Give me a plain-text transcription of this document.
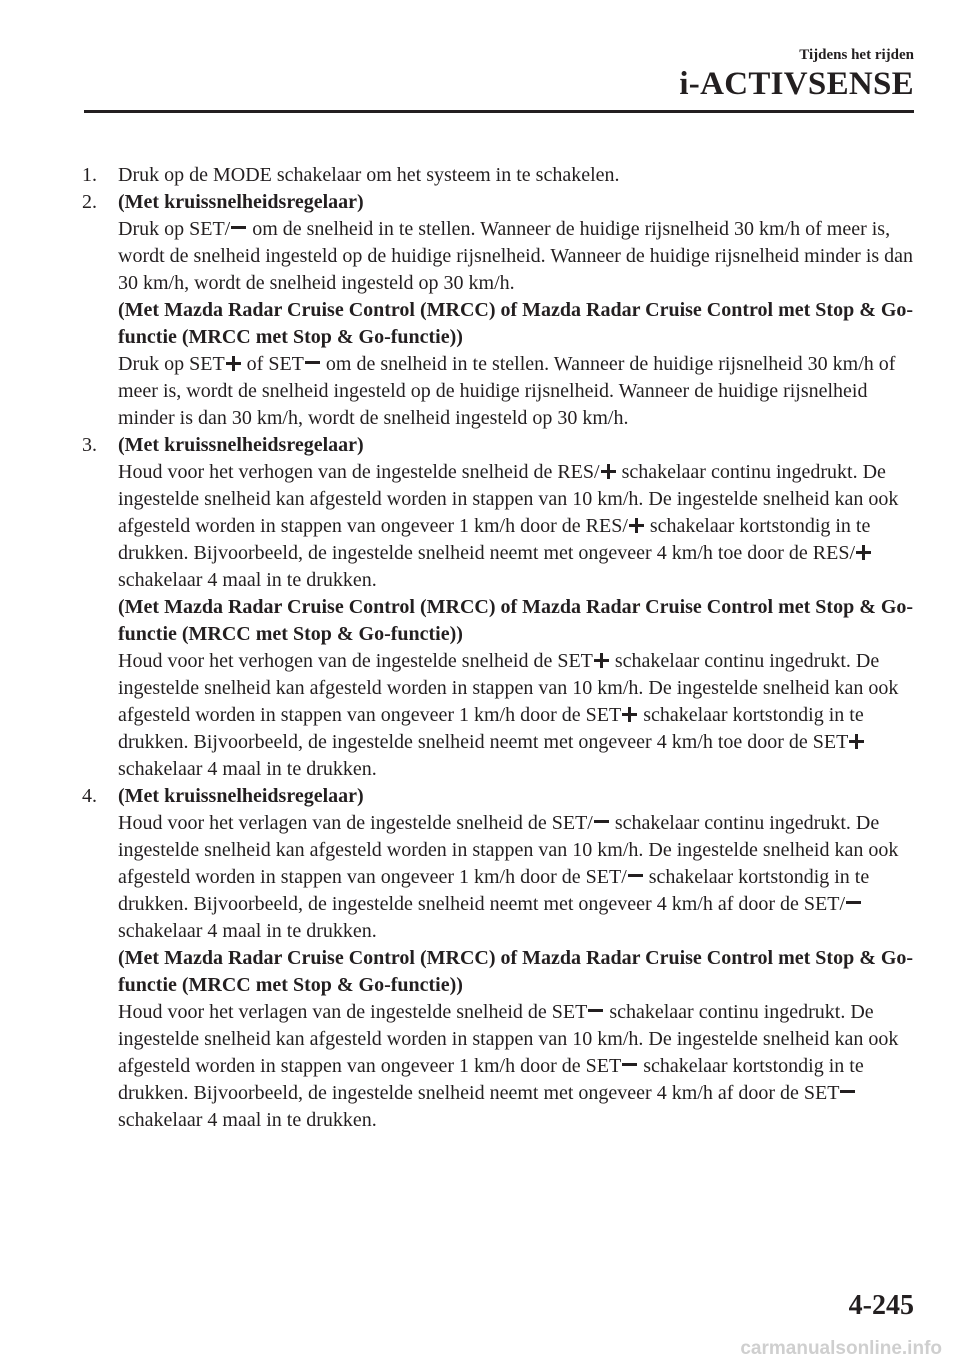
Tijdens het rijden
i-ACTIVSENSE
1.	Druk op de MODE schakelaar om het systeem in te schakelen.

2.	(Met kruissnelheidsregelaar)

Druk op SET/ om de snelheid in te stellen. Wanneer de huidige rijsnelheid 30 km/h of meer is, wordt de snelheid ingesteld op de huidige rijsnelheid. Wanneer de huidige rijsnelheid minder is dan 30 km/h, wordt de snelheid ingesteld op 30 km/h.

(Met Mazda Radar Cruise Control (MRCC) of Mazda Radar Cruise Control met Stop & Go-functie (MRCC met Stop & Go-functie))

Druk op SET of SET om de snelheid in te stellen. Wanneer de huidige rijsnelheid 30 km/h of meer is, wordt de snelheid ingesteld op de huidige rijsnelheid. Wanneer de huidige rijsnelheid minder is dan 30 km/h, wordt de snelheid ingesteld op 30 km/h.

3.	(Met kruissnelheidsregelaar)

Houd voor het verhogen van de ingestelde snelheid de RES/ schakelaar continu ingedrukt. De ingestelde snelheid kan afgesteld worden in stappen van 10 km/h. De ingestelde snelheid kan ook afgesteld worden in stappen van ongeveer 1 km/h door de RES/ schakelaar kortstondig in te drukken. Bijvoorbeeld, de ingestelde snelheid neemt met ongeveer 4 km/h toe door de RES/ schakelaar 4 maal in te drukken.

(Met Mazda Radar Cruise Control (MRCC) of Mazda Radar Cruise Control met Stop & Go-functie (MRCC met Stop & Go-functie))

Houd voor het verhogen van de ingestelde snelheid de SET schakelaar continu ingedrukt. De ingestelde snelheid kan afgesteld worden in stappen van 10 km/h. De ingestelde snelheid kan ook afgesteld worden in stappen van ongeveer 1 km/h door de SET schakelaar kortstondig in te drukken. Bijvoorbeeld, de ingestelde snelheid neemt met ongeveer 4 km/h toe door de SET schakelaar 4 maal in te drukken.

4.	(Met kruissnelheidsregelaar)

Houd voor het verlagen van de ingestelde snelheid de SET/ schakelaar continu ingedrukt. De ingestelde snelheid kan afgesteld worden in stappen van 10 km/h. De ingestelde snelheid kan ook afgesteld worden in stappen van ongeveer 1 km/h door de SET/ schakelaar kortstondig in te drukken. Bijvoorbeeld, de ingestelde snelheid neemt met ongeveer 4 km/h af door de SET/ schakelaar 4 maal in te drukken.

(Met Mazda Radar Cruise Control (MRCC) of Mazda Radar Cruise Control met Stop & Go-functie (MRCC met Stop & Go-functie))

Houd voor het verlagen van de ingestelde snelheid de SET schakelaar continu ingedrukt. De ingestelde snelheid kan afgesteld worden in stappen van 10 km/h. De ingestelde snelheid kan ook afgesteld worden in stappen van ongeveer 1 km/h door de SET schakelaar kortstondig in te drukken. Bijvoorbeeld, de ingestelde snelheid neemt met ongeveer 4 km/h af door de SET schakelaar 4 maal in te drukken.

4-245
carmanualsonline.info
